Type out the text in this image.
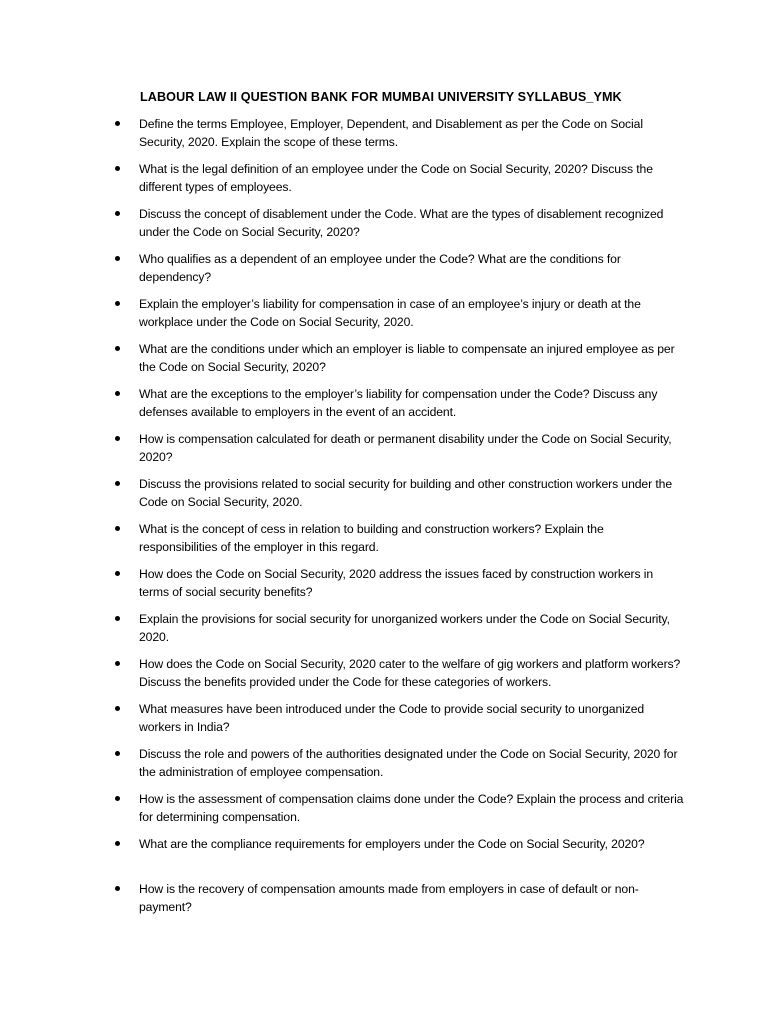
LABOUR LAW II QUESTION BANK FOR MUMBAI UNIVERSITY SYLLABUS_YMK
Define the terms Employee, Employer, Dependent, and Disablement as per the Code on Social Security, 2020. Explain the scope of these terms.
What is the legal definition of an employee under the Code on Social Security, 2020? Discuss the different types of employees.
Discuss the concept of disablement under the Code. What are the types of disablement recognized under the Code on Social Security, 2020?
Who qualifies as a dependent of an employee under the Code? What are the conditions for dependency?
Explain the employer’s liability for compensation in case of an employee’s injury or death at the workplace under the Code on Social Security, 2020.
What are the conditions under which an employer is liable to compensate an injured employee as per the Code on Social Security, 2020?
What are the exceptions to the employer’s liability for compensation under the Code? Discuss any defenses available to employers in the event of an accident.
How is compensation calculated for death or permanent disability under the Code on Social Security, 2020?
Discuss the provisions related to social security for building and other construction workers under the Code on Social Security, 2020.
What is the concept of cess in relation to building and construction workers? Explain the responsibilities of the employer in this regard.
How does the Code on Social Security, 2020 address the issues faced by construction workers in terms of social security benefits?
Explain the provisions for social security for unorganized workers under the Code on Social Security, 2020.
How does the Code on Social Security, 2020 cater to the welfare of gig workers and platform workers? Discuss the benefits provided under the Code for these categories of workers.
What measures have been introduced under the Code to provide social security to unorganized workers in India?
Discuss the role and powers of the authorities designated under the Code on Social Security, 2020 for the administration of employee compensation.
How is the assessment of compensation claims done under the Code? Explain the process and criteria for determining compensation.
What are the compliance requirements for employers under the Code on Social Security, 2020?
How is the recovery of compensation amounts made from employers in case of default or non-payment?
